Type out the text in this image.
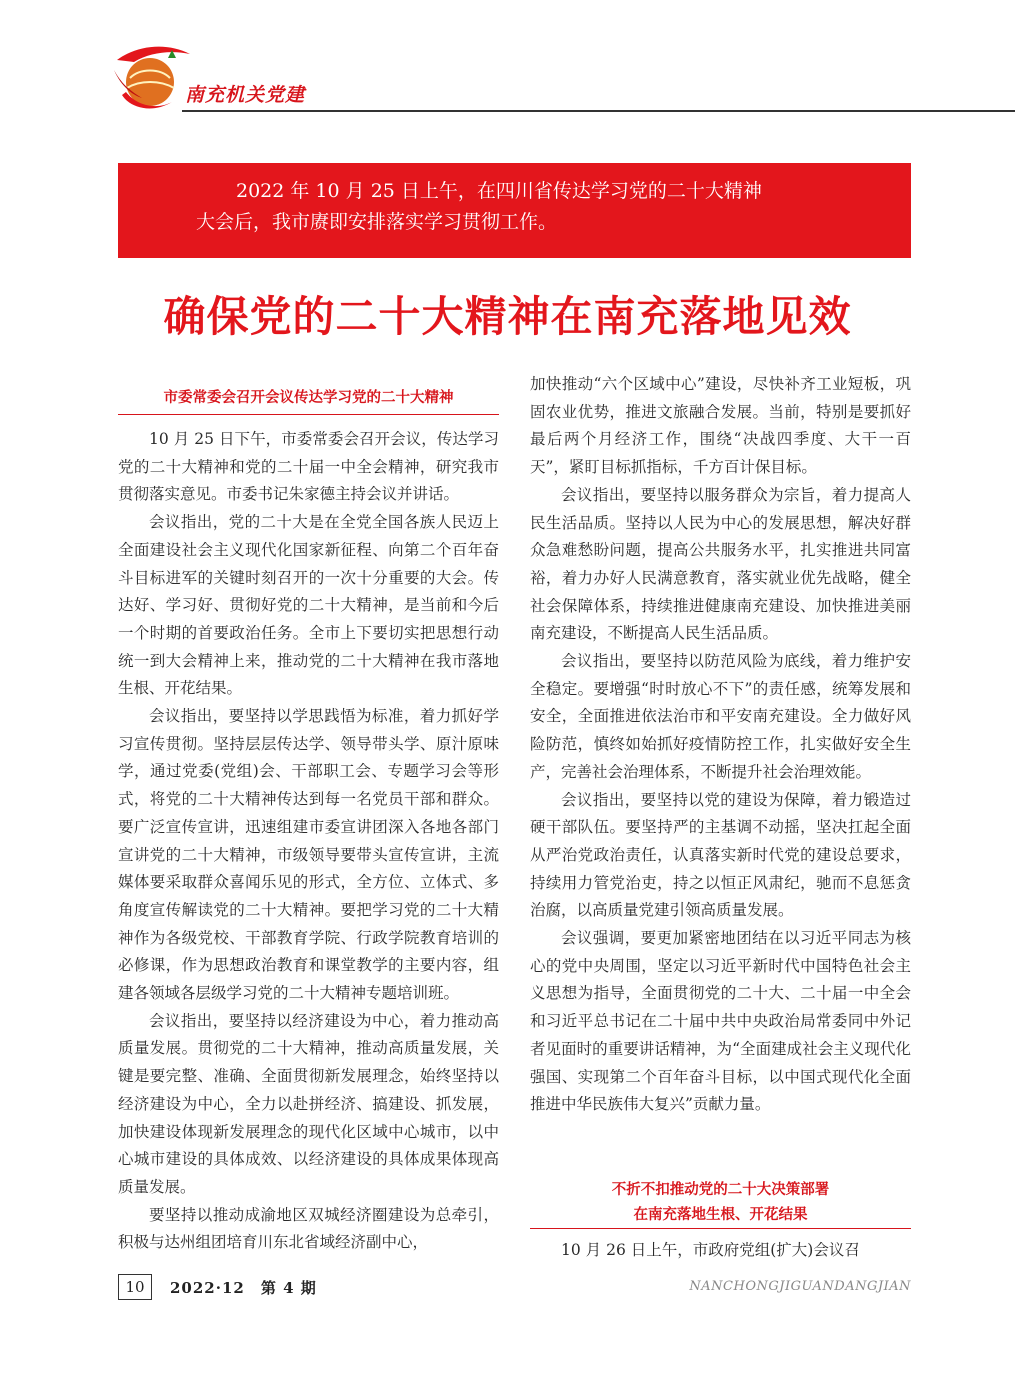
南充机关党建
2022 年 10 月 25 日上午，在四川省传达学习党的二十大精神
大会后，我市赓即安排落实学习贯彻工作。
确保党的二十大精神在南充落地见效
市委常委会召开会议传达学习党的二十大精神

10 月 25 日下午，市委常委会召开会议，传达学习党的二十大精神和党的二十届一中全会精神，研究我市贯彻落实意见。市委书记朱家德主持会议并讲话。

会议指出，党的二十大是在全党全国各族人民迈上全面建设社会主义现代化国家新征程、向第二个百年奋斗目标进军的关键时刻召开的一次十分重要的大会。传达好、学习好、贯彻好党的二十大精神，是当前和今后一个时期的首要政治任务。全市上下要切实把思想行动统一到大会精神上来，推动党的二十大精神在我市落地生根、开花结果。

会议指出，要坚持以学思践悟为标准，着力抓好学习宣传贯彻。坚持层层传达学、领导带头学、原汁原味学，通过党委(党组)会、干部职工会、专题学习会等形式，将党的二十大精神传达到每一名党员干部和群众。要广泛宣传宣讲，迅速组建市委宣讲团深入各地各部门宣讲党的二十大精神，市级领导要带头宣传宣讲，主流媒体要采取群众喜闻乐见的形式，全方位、立体式、多角度宣传解读党的二十大精神。要把学习党的二十大精神作为各级党校、干部教育学院、行政学院教育培训的必修课，作为思想政治教育和课堂教学的主要内容，组建各领域各层级学习党的二十大精神专题培训班。

会议指出，要坚持以经济建设为中心，着力推动高质量发展。贯彻党的二十大精神，推动高质量发展，关键是要完整、准确、全面贯彻新发展理念，始终坚持以经济建设为中心，全力以赴拼经济、搞建设、抓发展，加快建设体现新发展理念的现代化区域中心城市，以中心城市建设的具体成效、以经济建设的具体成果体现高质量发展。

要坚持以推动成渝地区双城经济圈建设为总牵引，积极与达州组团培育川东北省域经济副中心，

加快推动“六个区域中心”建设，尽快补齐工业短板，巩固农业优势，推进文旅融合发展。当前，特别是要抓好最后两个月经济工作，围绕“决战四季度、大干一百天”，紧盯目标抓指标，千方百计保目标。

会议指出，要坚持以服务群众为宗旨，着力提高人民生活品质。坚持以人民为中心的发展思想，解决好群众急难愁盼问题，提高公共服务水平，扎实推进共同富裕，着力办好人民满意教育，落实就业优先战略，健全社会保障体系，持续推进健康南充建设、加快推进美丽南充建设，不断提高人民生活品质。

会议指出，要坚持以防范风险为底线，着力维护安全稳定。要增强“时时放心不下”的责任感，统筹发展和安全，全面推进依法治市和平安南充建设。全力做好风险防范，慎终如始抓好疫情防控工作，扎实做好安全生产，完善社会治理体系，不断提升社会治理效能。

会议指出，要坚持以党的建设为保障，着力锻造过硬干部队伍。要坚持严的主基调不动摇，坚决扛起全面从严治党政治责任，认真落实新时代党的建设总要求，持续用力管党治吏，持之以恒正风肃纪，驰而不息惩贪治腐，以高质量党建引领高质量发展。

会议强调，要更加紧密地团结在以习近平同志为核心的党中央周围，坚定以习近平新时代中国特色社会主义思想为指导，全面贯彻党的二十大、二十届一中全会和习近平总书记在二十届中共中央政治局常委同中外记者见面时的重要讲话精神，为“全面建成社会主义现代化强国、实现第二个百年奋斗目标，以中国式现代化全面推进中华民族伟大复兴”贡献力量。

不折不扣推动党的二十大决策部署
在南充落地生根、开花结果

10 月 26 日上午，市政府党组(扩大)会议召

10	2022·12　第 4 期	NANCHONGJIGUANDANGJIAN
